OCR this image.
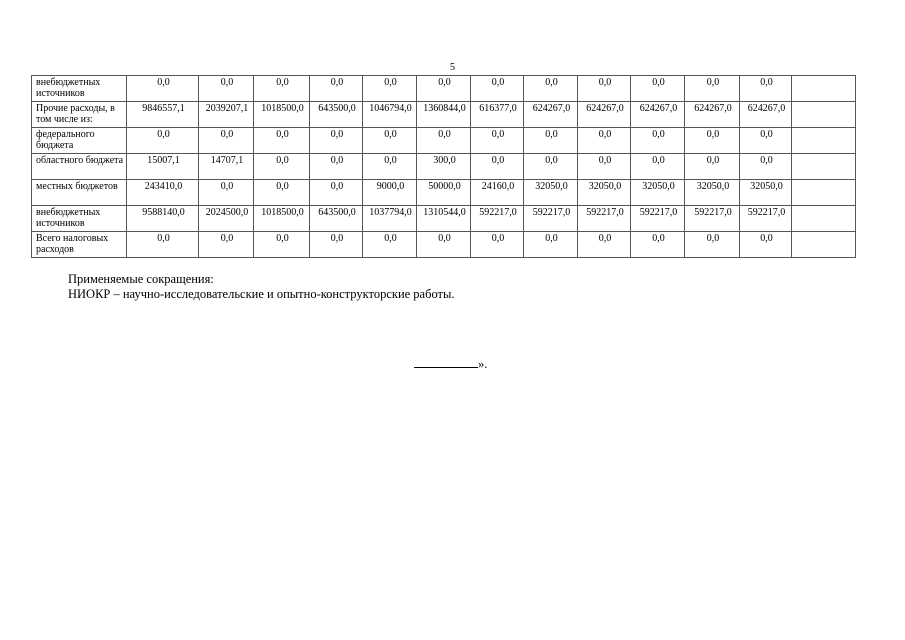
5
внебюджетных источников	0,0	0,0	0,0	0,0	0,0	0,0	0,0	0,0	0,0	0,0	0,0	0,0	
Прочие расходы, в том числе из:	9846557,1	2039207,1	1018500,0	643500,0	1046794,0	1360844,0	616377,0	624267,0	624267,0	624267,0	624267,0	624267,0	
федерального бюджета	0,0	0,0	0,0	0,0	0,0	0,0	0,0	0,0	0,0	0,0	0,0	0,0	
областного бюджета	15007,1	14707,1	0,0	0,0	0,0	300,0	0,0	0,0	0,0	0,0	0,0	0,0	
местных бюджетов	243410,0	0,0	0,0	0,0	9000,0	50000,0	24160,0	32050,0	32050,0	32050,0	32050,0	32050,0	
внебюджетных источников	9588140,0	2024500,0	1018500,0	643500,0	1037794,0	1310544,0	592217,0	592217,0	592217,0	592217,0	592217,0	592217,0	
Всего налоговых расходов	0,0	0,0	0,0	0,0	0,0	0,0	0,0	0,0	0,0	0,0	0,0	0,0	
Применяемые сокращения:
НИОКР – научно-исследовательские и опытно-конструкторские работы.
».
